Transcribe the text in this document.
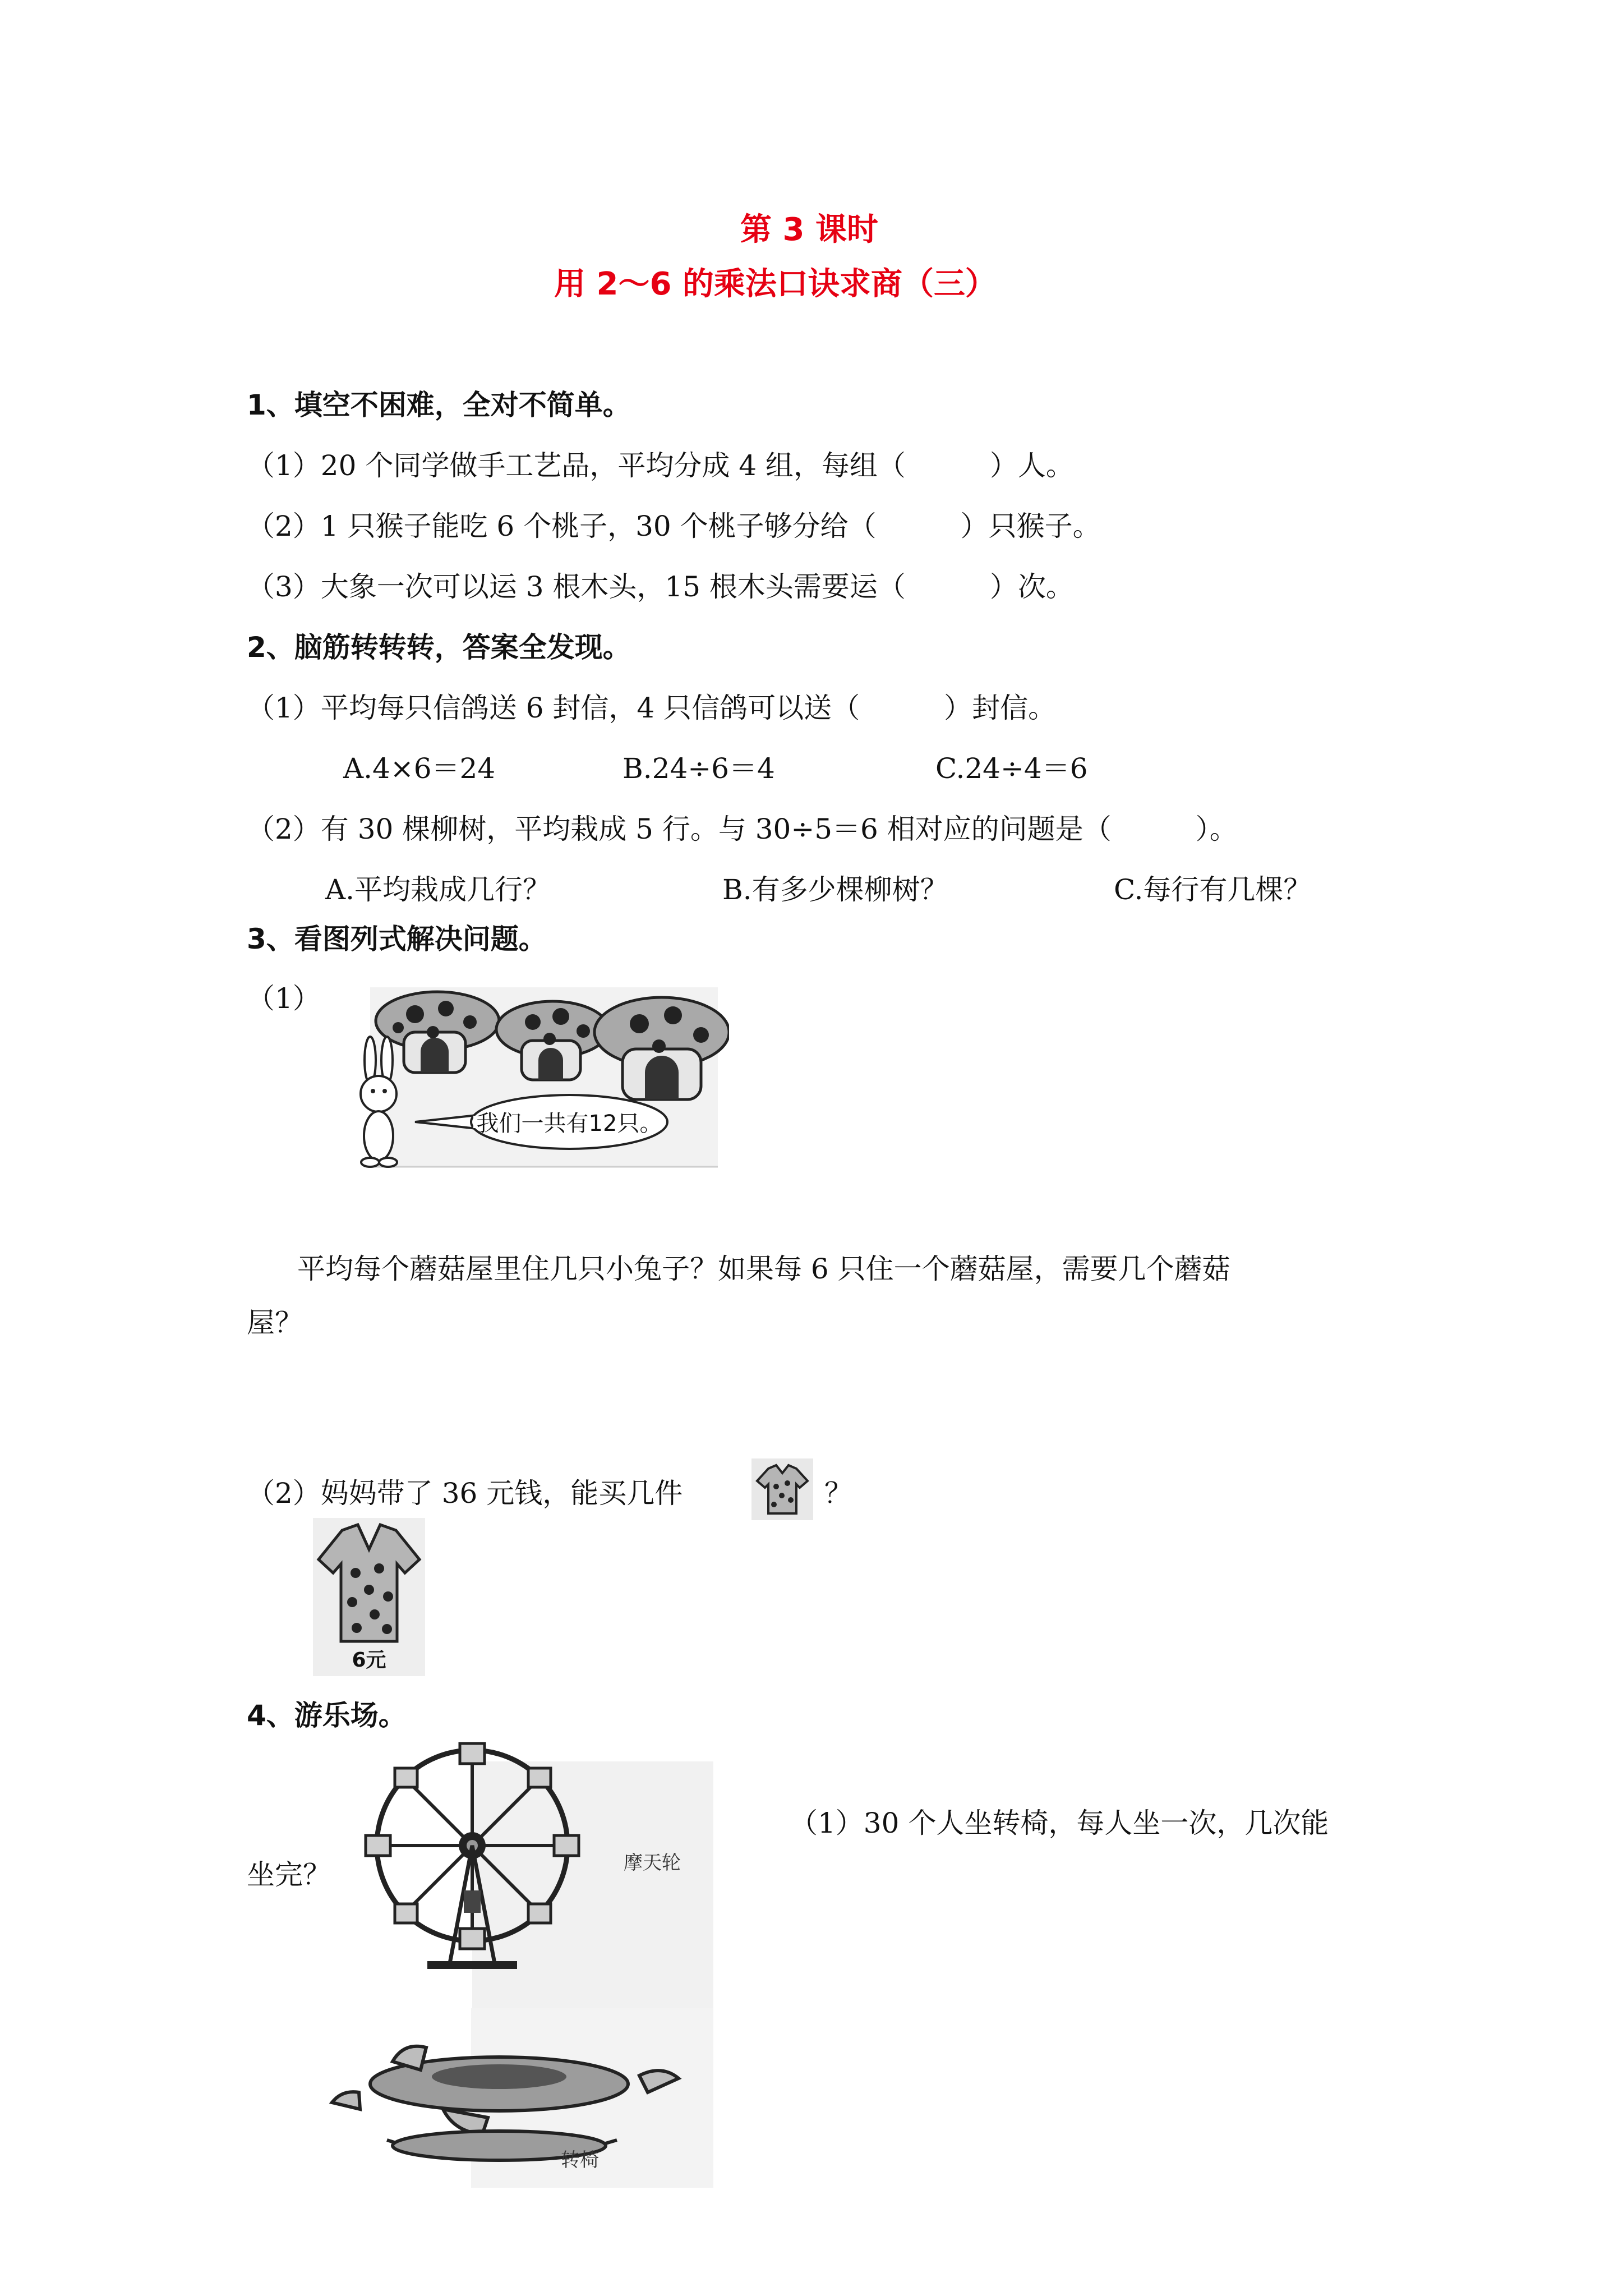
第 3 课时
用 2～6 的乘法口诀求商（三）
1、填空不困难，全对不简单。
（1）20 个同学做手工艺品，平均分成 4 组，每组（　　　）人。
（2）1 只猴子能吃 6 个桃子，30 个桃子够分给（　　　）只猴子。
（3）大象一次可以运 3 根木头，15 根木头需要运（　　　）次。
2、脑筋转转转，答案全发现。
（1）平均每只信鸽送 6 封信，4 只信鸽可以送（　　　）封信。
A.4×6＝24	B.24÷6＝4	C.24÷4＝6
（2）有 30 棵柳树，平均栽成 5 行。与 30÷5＝6 相对应的问题是（　　　）。
A.平均栽成几行？	B.有多少棵柳树？	C.每行有几棵？
3、看图列式解决问题。
（1）
我们一共有12只。
平均每个蘑菇屋里住几只小兔子？如果每 6 只住一个蘑菇屋，需要几个蘑菇
屋？
（2）妈妈带了 36 元钱，能买几件	？
6元
4、游乐场。
（1）30 个人坐转椅，每人坐一次，几次能
坐完？	摩天轮
转椅
